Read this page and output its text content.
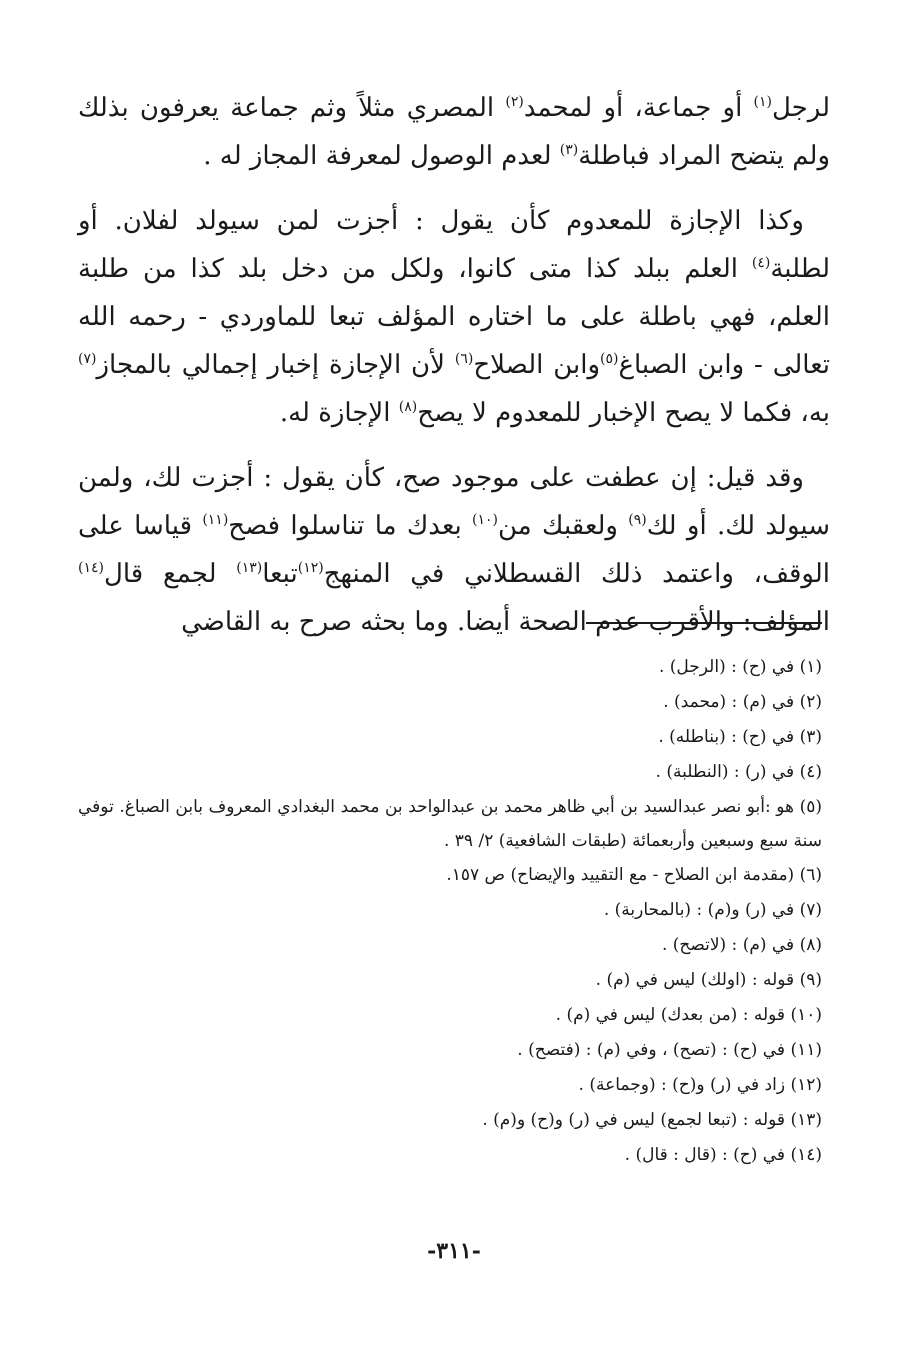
لرجل$^{(١)}$ أو جماعة، أو لمحمد$^{(٢)}$ المصري مثلاً وثم جماعة يعرفون بذلك ولم يتضح المراد فباطلة$^{(٣)}$ لعدم الوصول لمعرفة المجاز له .

وكذا الإجازة للمعدوم كأن يقول : أجزت لمن سيولد لفلان. أو لطلبة$^{(٤)}$ العلم ببلد كذا متى كانوا، ولكل من دخل بلد كذا من طلبة العلم، فهي باطلة على ما اختاره المؤلف تبعا للماوردي - رحمه الله تعالى - وابن الصباغ$^{(٥)}$وابن الصلاح$^{(٦)}$ لأن الإجازة إخبار إجمالي بالمجاز$^{(٧)}$ به، فكما لا يصح الإخبار للمعدوم لا يصح$^{(٨)}$ الإجازة له.

وقد قيل: إن عطفت على موجود صح، كأن يقول : أجزت لك، ولمن سيولد لك. أو لك$^{(٩)}$ ولعقبك من$^{(١٠)}$ بعدك ما تناسلوا فصح$^{(١١)}$ قياسا على الوقف، واعتمد ذلك القسطلاني في المنهج$^{(١٢)}$تبعا$^{(١٣)}$ لجمع قال$^{(١٤)}$ المؤلف: والأقرب عدم الصحة أيضا. وما بحثه صرح به القاضي

(١) في (ح) : (الرجل) .

(٢) في (م) : (محمد) .

(٣) في (ح) : (بناطله) .

(٤) في (ر) : (النطلبة) .

(٥) هو :أبو نصر عبدالسيد بن أبي ظاهر محمد بن عبدالواحد بن محمد البغدادي المعروف بابن الصباغ. توفي سنة سبع وسبعين وأربعمائة (طبقات الشافعية) ٢/ ٣٩ .

(٦) (مقدمة ابن الصلاح - مع التقييد والإيضاح) ص ١٥٧.

(٧) في (ر) و(م) : (بالمحاربة) .

(٨) في (م) : (لاتصح) .

(٩) قوله : (اولك) ليس في (م) .

(١٠) قوله : (من بعدك) ليس في (م) .

(١١) في (ح) : (تصح) ، وفي (م) : (فتصح) .

(١٢) زاد في (ر) و(ح) : (وجماعة) .

(١٣) قوله : (تبعا لجمع) ليس في (ر) و(ح) و(م) .

(١٤) في (ح) : (قال : قال) .

-٣١١-
